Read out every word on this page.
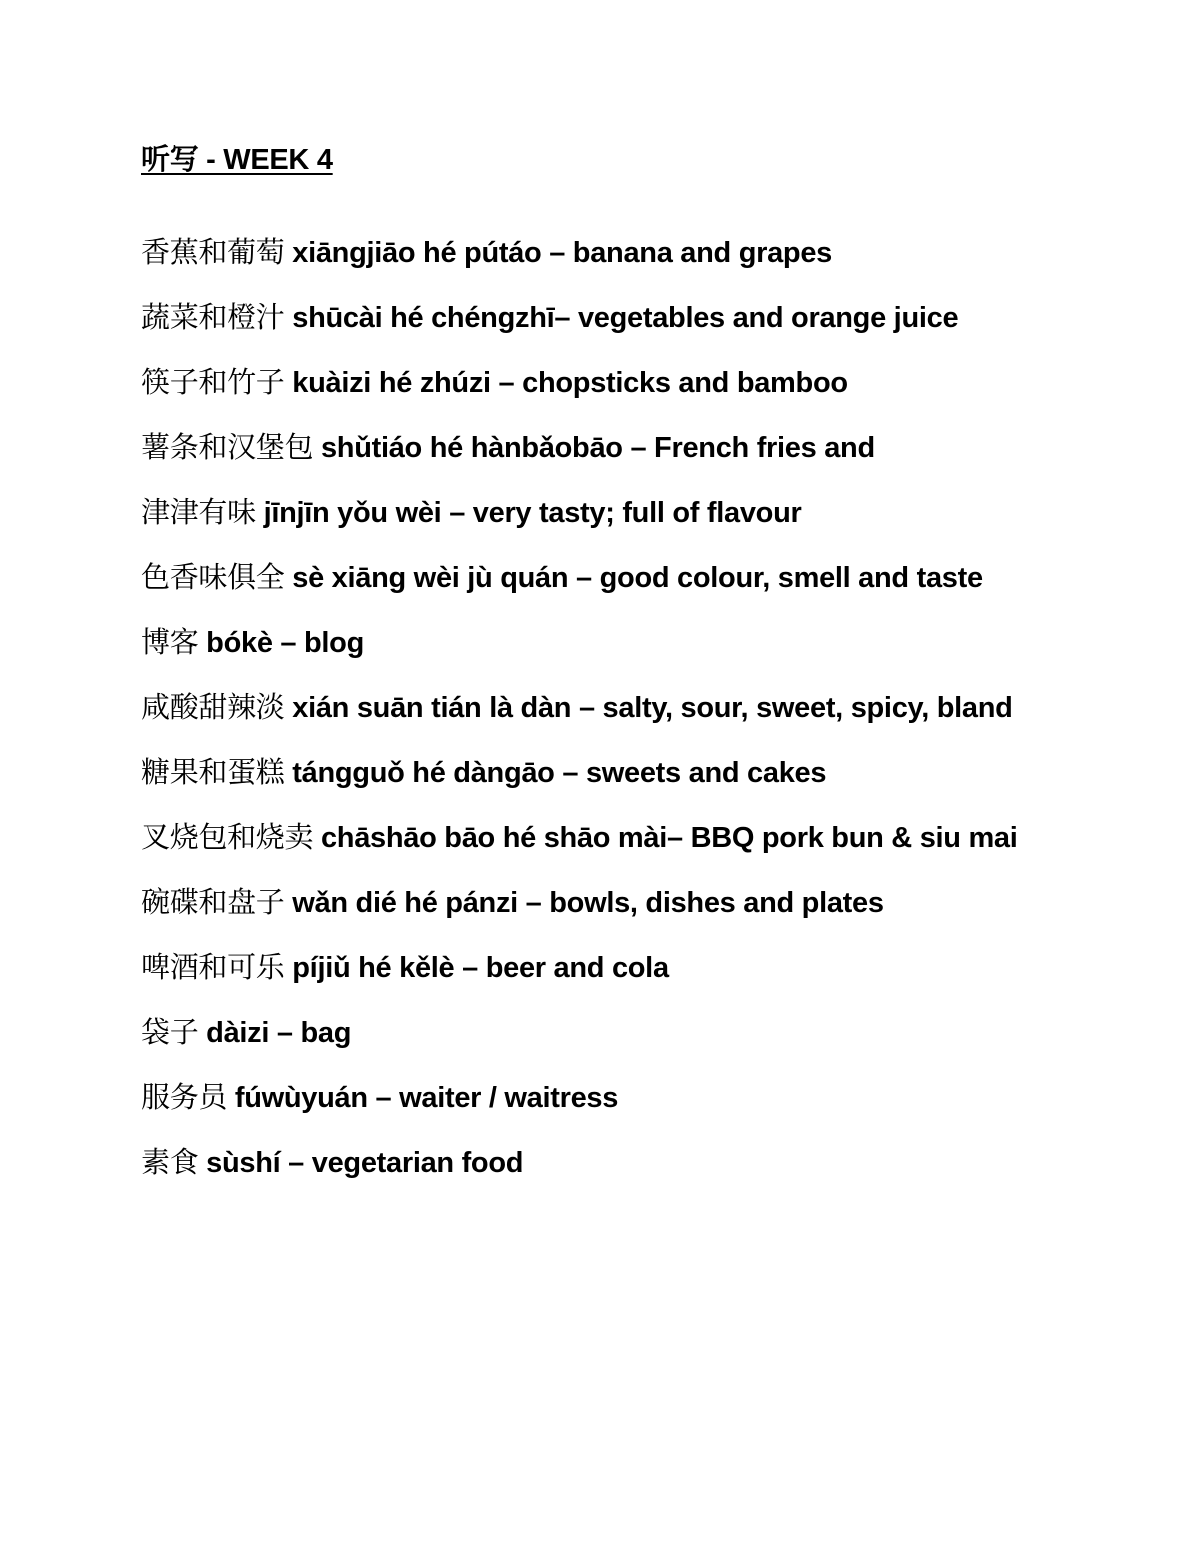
听写 - WEEK 4
香蕉和葡萄 xiāngjiāo hé pútáo – banana and grapes
蔬菜和橙汁 shūcài hé chéngzhī– vegetables and orange juice
筷子和竹子 kuàizi hé zhúzi – chopsticks and bamboo
薯条和汉堡包 shǔtiáo hé hànbǎobāo – French fries and
津津有味 jīnjīn yǒu wèi – very tasty; full of flavour
色香味俱全 sè xiāng wèi jù quán – good colour, smell and taste
博客 bókè – blog
咸酸甜辣淡 xián suān tián là dàn – salty, sour, sweet, spicy, bland
糖果和蛋糕 tángguǒ hé dàngāo – sweets and cakes
叉烧包和烧卖 chāshāo bāo hé shāo mài– BBQ pork bun & siu mai
碗碟和盘子 wǎn dié hé pánzi – bowls, dishes and plates
啤酒和可乐 píjiǔ hé kělè – beer and cola
袋子 dàizi – bag
服务员 fúwùyuán – waiter / waitress
素食 sùshí – vegetarian food
